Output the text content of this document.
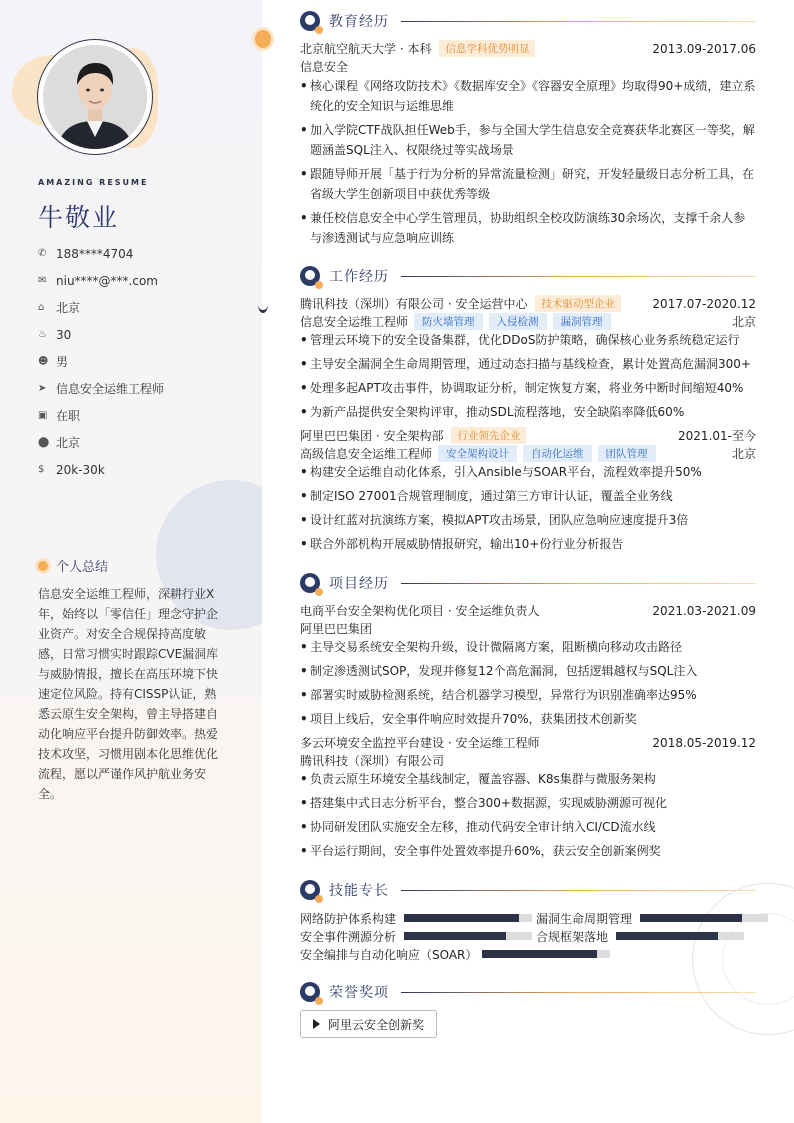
AMAZING RESUME
牛敬业
✆ 188****4704
✉ niu****@***.com
⌂ 北京
♨ 30
☻ 男
➤ 信息安全运维工程师
▣ 在职
⬤ 北京
$ 20k-30k
个人总结
信息安全运维工程师，深耕行业X年，始终以「零信任」理念守护企业资产。对安全合规保持高度敏感，日常习惯实时跟踪CVE漏洞库与威胁情报，擅长在高压环境下快速定位风险。持有CISSP认证，熟悉云原生安全架构，曾主导搭建自动化响应平台提升防御效率。热爱技术攻坚，习惯用剧本化思维优化流程，愿以严谨作风护航业务安全。
教育经历
北京航空航天大学 · 本科	信息学科优势明显	2013.09-2017.06
信息安全
• 核心课程《网络攻防技术》《数据库安全》《容器安全原理》均取得90+成绩，建立系统化的安全知识与运维思维
• 加入学院CTF战队担任Web手，参与全国大学生信息安全竞赛获华北赛区一等奖，解题涵盖SQL注入、权限绕过等实战场景
• 跟随导师开展「基于行为分析的异常流量检测」研究，开发轻量级日志分析工具，在省级大学生创新项目中获优秀等级
• 兼任校信息安全中心学生管理员，协助组织全校攻防演练30余场次，支撑千余人参与渗透测试与应急响应训练
工作经历
腾讯科技（深圳）有限公司 · 安全运营中心	技术驱动型企业	2017.07-2020.12
信息安全运维工程师	防火墙管理	入侵检测	漏洞管理	北京
• 管理云环境下的安全设备集群，优化DDoS防护策略，确保核心业务系统稳定运行
• 主导安全漏洞全生命周期管理，通过动态扫描与基线检查，累计处置高危漏洞300+
• 处理多起APT攻击事件，协调取证分析，制定恢复方案，将业务中断时间缩短40%
• 为新产品提供安全架构评审，推动SDL流程落地，安全缺陷率降低60%
阿里巴巴集团 · 安全架构部	行业领先企业	2021.01-至今
高级信息安全运维工程师	安全架构设计	自动化运维	团队管理	北京
• 构建安全运维自动化体系，引入Ansible与SOAR平台，流程效率提升50%
• 制定ISO 27001合规管理制度，通过第三方审计认证，覆盖全业务线
• 设计红蓝对抗演练方案，模拟APT攻击场景，团队应急响应速度提升3倍
• 联合外部机构开展威胁情报研究，输出10+份行业分析报告
项目经历
电商平台安全架构优化项目 · 安全运维负责人	2021.03-2021.09
阿里巴巴集团
• 主导交易系统安全架构升级，设计微隔离方案，阻断横向移动攻击路径
• 制定渗透测试SOP，发现并修复12个高危漏洞，包括逻辑越权与SQL注入
• 部署实时威胁检测系统，结合机器学习模型，异常行为识别准确率达95%
• 项目上线后，安全事件响应时效提升70%，获集团技术创新奖
多云环境安全监控平台建设 · 安全运维工程师	2018.05-2019.12
腾讯科技（深圳）有限公司
• 负责云原生环境安全基线制定，覆盖容器、K8s集群与微服务架构
• 搭建集中式日志分析平台，整合300+数据源，实现威胁溯源可视化
• 协同研发团队实施安全左移，推动代码安全审计纳入CI/CD流水线
• 平台运行期间，安全事件处置效率提升60%，获云安全创新案例奖
技能专长
网络防护体系构建	漏洞生命周期管理
安全事件溯源分析	合规框架落地
安全编排与自动化响应（SOAR）
荣誉奖项
阿里云安全创新奖
